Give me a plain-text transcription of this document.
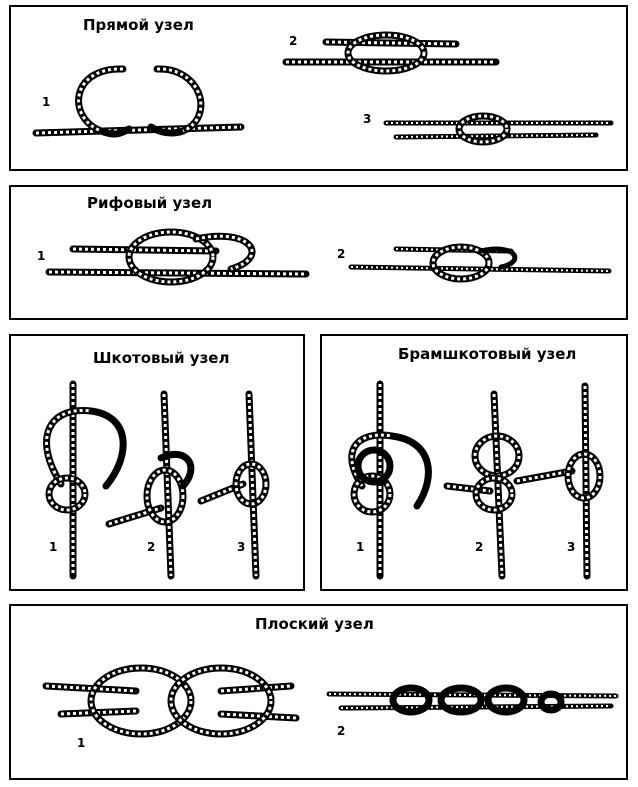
Прямой узел
1
2
3
Рифовый узел
1	2
Шкотовый узел
1	2	3
Брамшкотовый узел
1	2	3
Плоский узел
1
2
